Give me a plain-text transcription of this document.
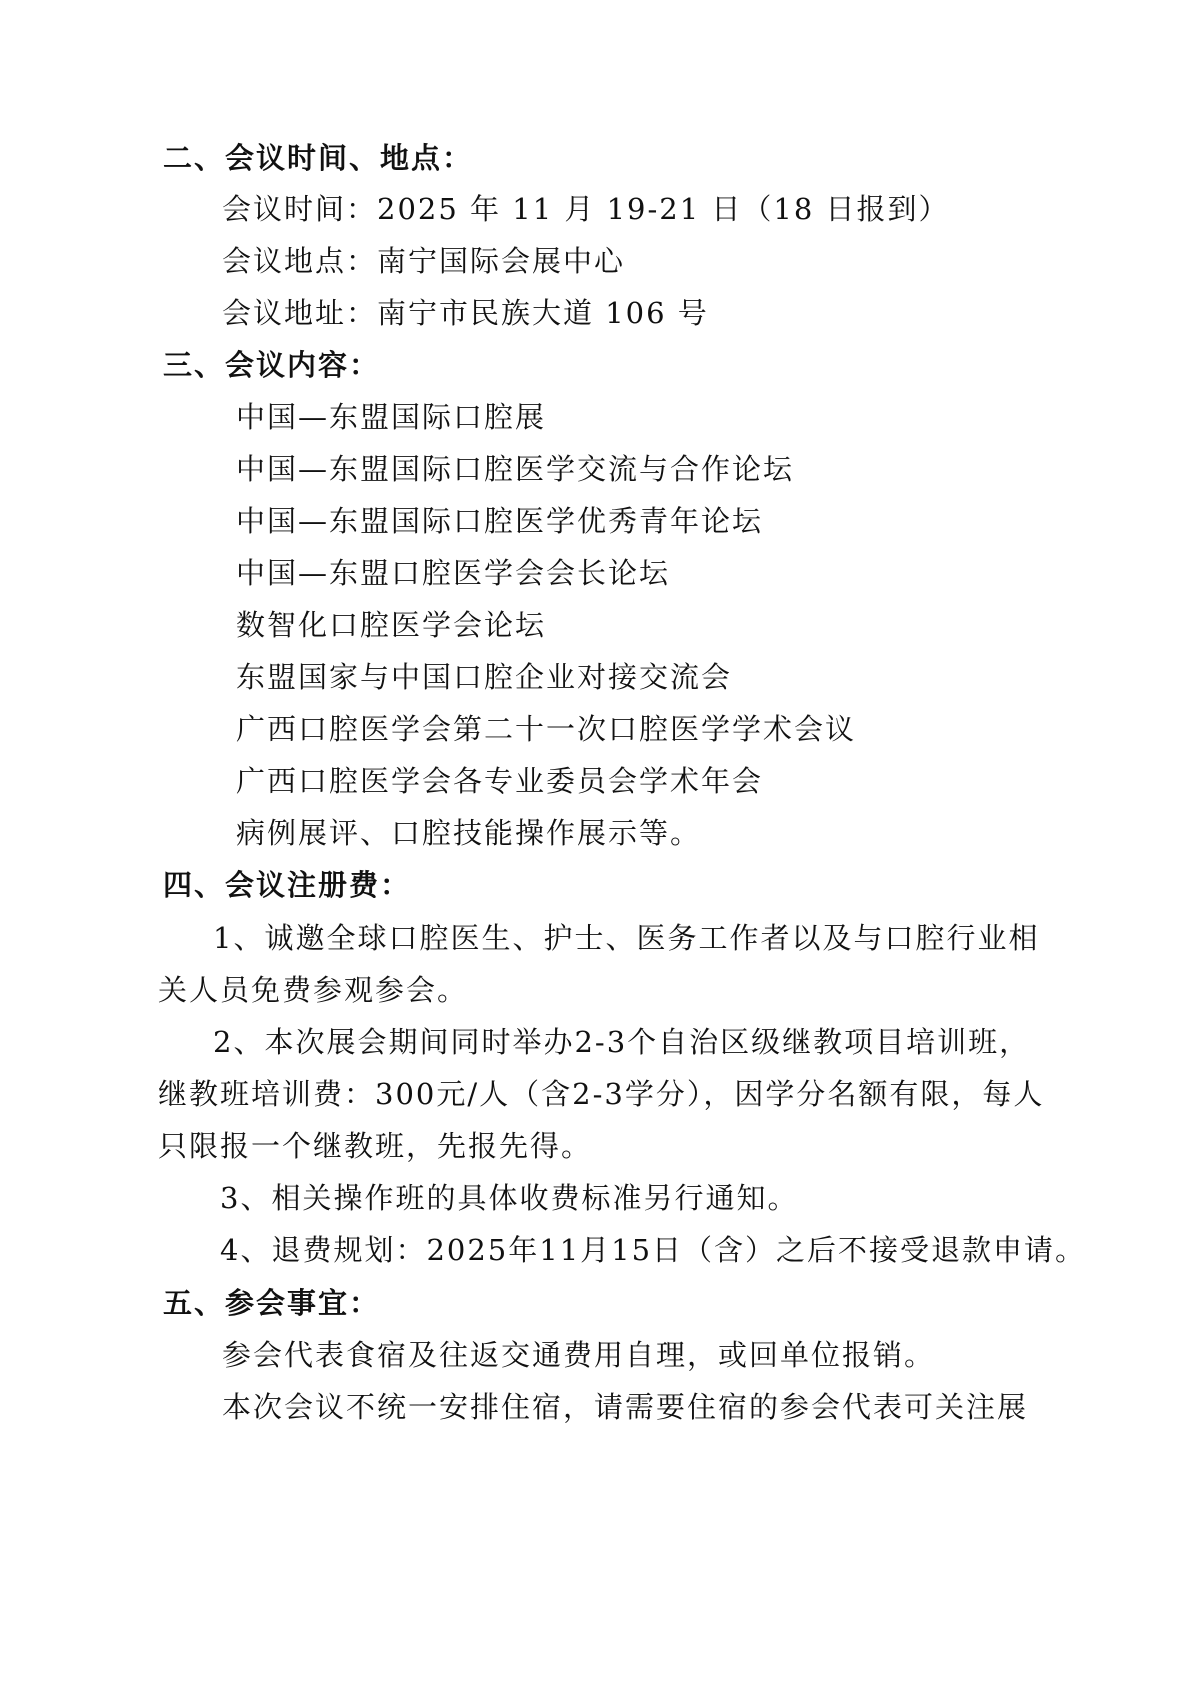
二、会议时间、地点：
会议时间：2025 年 11 月 19-21 日（18 日报到）
会议地点：南宁国际会展中心
会议地址：南宁市民族大道 106 号
三、会议内容：
中国—东盟国际口腔展
中国—东盟国际口腔医学交流与合作论坛
中国—东盟国际口腔医学优秀青年论坛
中国—东盟口腔医学会会长论坛
数智化口腔医学会论坛
东盟国家与中国口腔企业对接交流会
广西口腔医学会第二十一次口腔医学学术会议
广西口腔医学会各专业委员会学术年会
病例展评、口腔技能操作展示等。
四、会议注册费：
1、诚邀全球口腔医生、护士、医务工作者以及与口腔行业相
关人员免费参观参会。
2、本次展会期间同时举办2-3个自治区级继教项目培训班，
继教班培训费：300元/人（含2-3学分），因学分名额有限，每人
只限报一个继教班，先报先得。
3、相关操作班的具体收费标准另行通知。
4、退费规划：2025年11月15日（含）之后不接受退款申请。
五、参会事宜：
参会代表食宿及往返交通费用自理，或回单位报销。
本次会议不统一安排住宿，请需要住宿的参会代表可关注展
